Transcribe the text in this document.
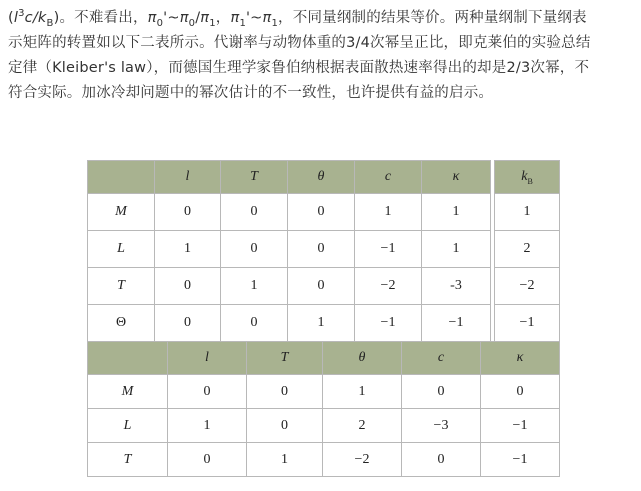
$(l^3c/k_B)$。不难看出，$\pi_0'\sim\pi_0/\pi_1$，$\pi_1'\sim\pi_1$，不同量纲制的结果等价。两种量纲制下量纲表
示矩阵的转置如以下二表所示。代谢率与动物体重的3/4次幂呈正比，即克莱伯的实验总结
定律（Kleiber's law），而德国生理学家鲁伯纳根据表面散热速率得出的却是2/3次幂，不
符合实际。加冰冷却问题中的幂次估计的不一致性，也许提供有益的启示。
	l	T	θ	c	κ		$k_B$
M	0	0	0	1	1		1
L	1	0	0	−1	1		2
T	0	1	0	−2	-3		−2
Θ	0	0	1	−1	−1		−1
	l	T	θ	c	κ
M	0	0	1	0	0
L	1	0	2	−3	−1
T	0	1	−2	0	−1
